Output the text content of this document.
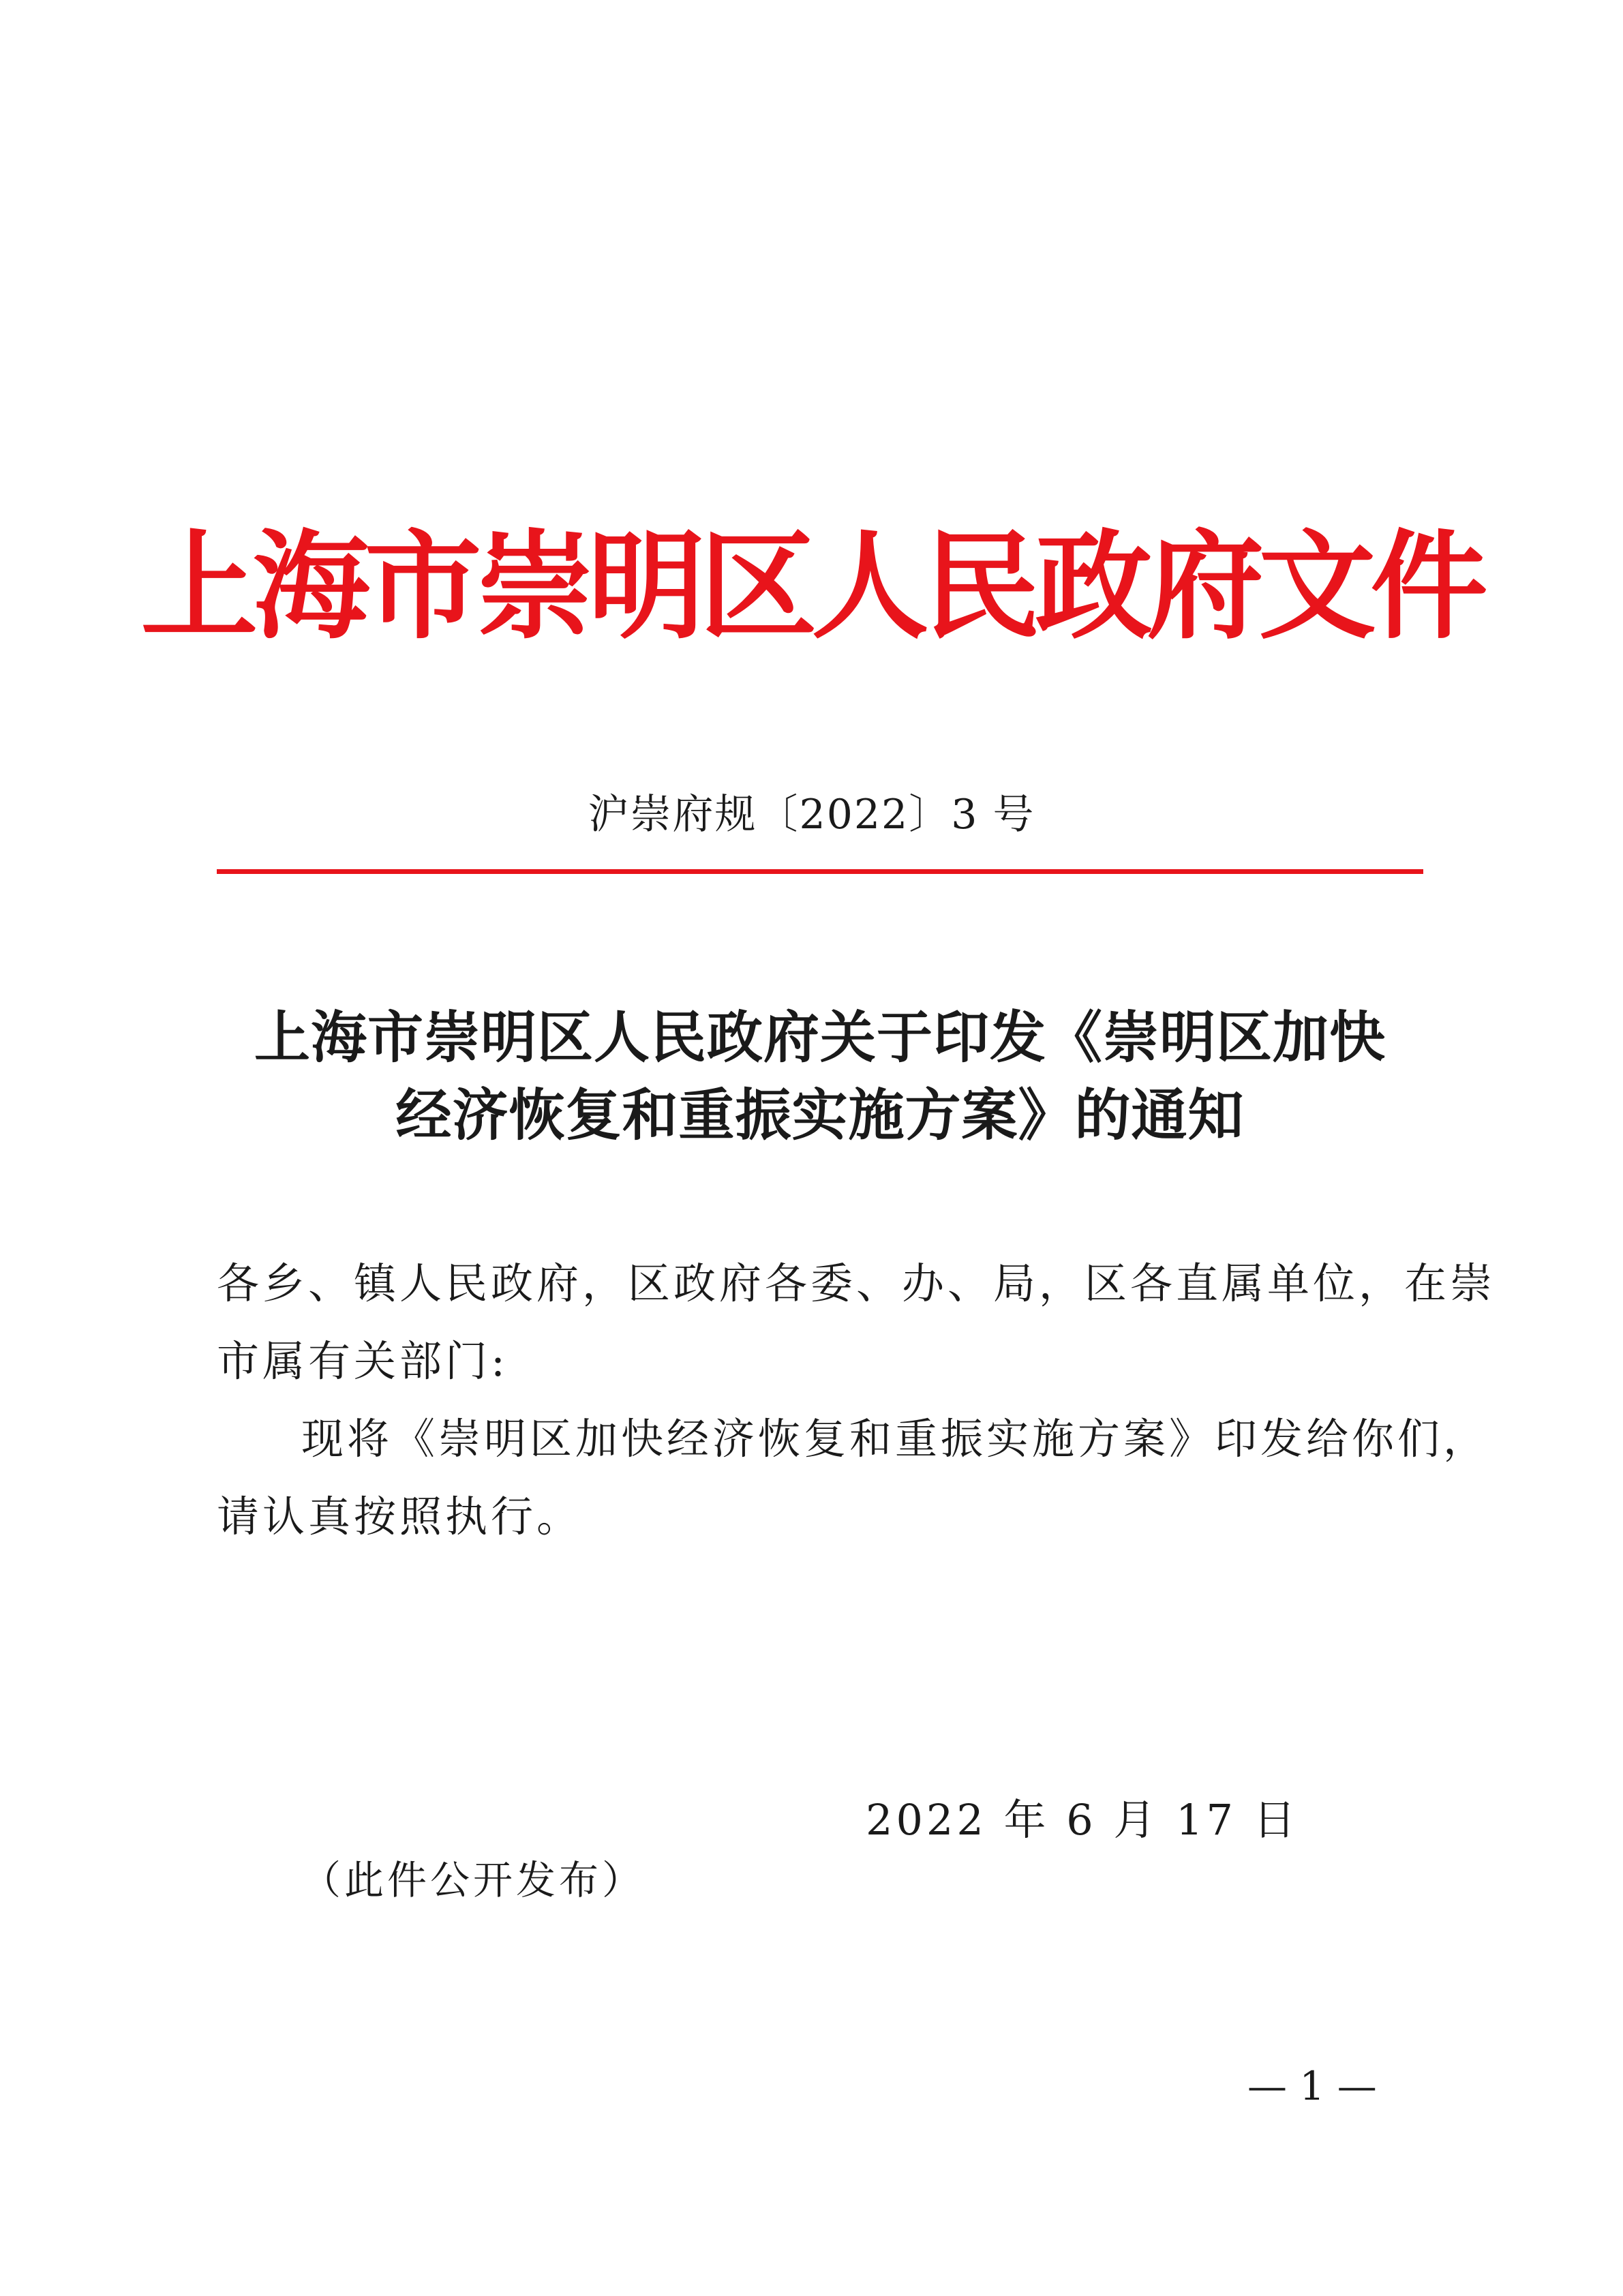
上海市崇明区人民政府文件
沪崇府规〔2022〕3 号
上海市崇明区人民政府关于印发《崇明区加快
经济恢复和重振实施方案》的通知
各乡、镇人民政府，区政府各委、办、局，区各直属单位，在崇
市属有关部门:
现将《崇明区加快经济恢复和重振实施方案》印发给你们，
请认真按照执行。
2022 年 6 月 17 日
（此件公开发布）
— 1 —
